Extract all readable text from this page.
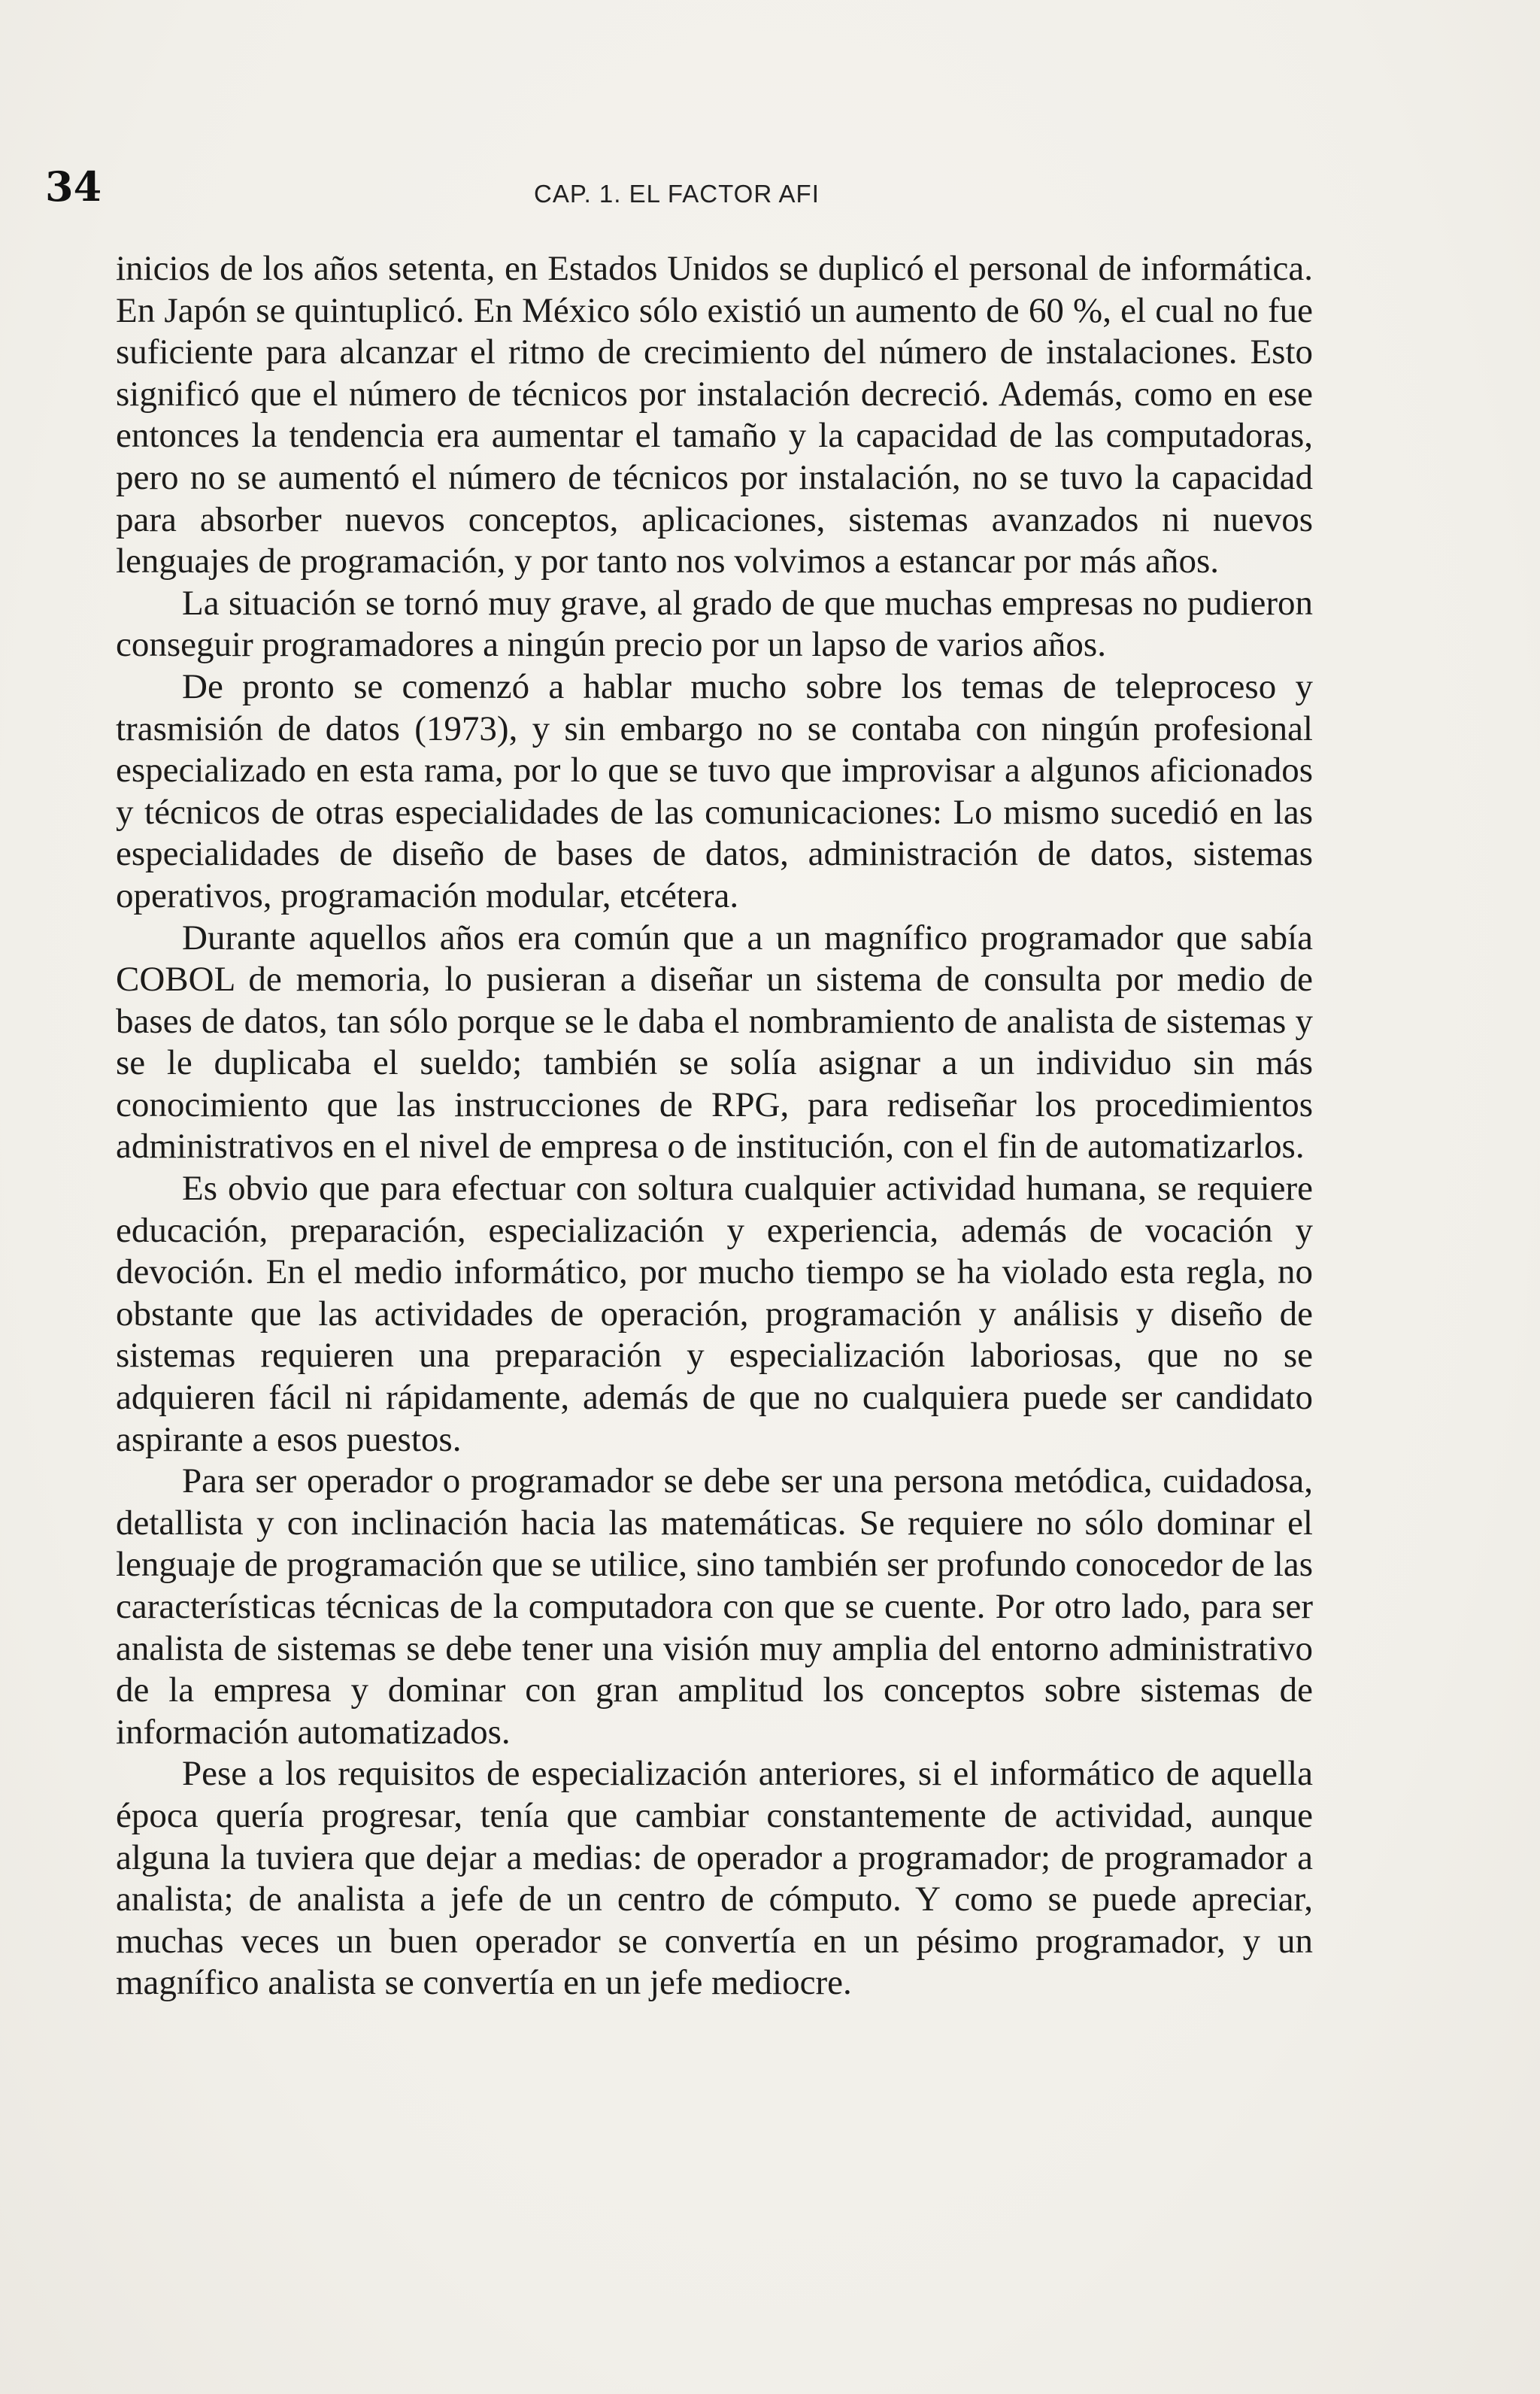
34	CAP. 1. EL FACTOR AFI

inicios de los años setenta, en Estados Unidos se duplicó el personal de informática. En Japón se quintuplicó. En México sólo existió un aumento de 60 %, el cual no fue suficiente para alcanzar el ritmo de crecimiento del número de instalaciones. Esto significó que el número de técnicos por instalación decreció. Además, como en ese entonces la tendencia era aumentar el tamaño y la capacidad de las computadoras, pero no se aumentó el número de técnicos por instalación, no se tuvo la capacidad para absorber nuevos conceptos, aplicaciones, sistemas avanzados ni nuevos lenguajes de programación, y por tanto nos volvimos a estancar por más años.

La situación se tornó muy grave, al grado de que muchas empresas no pudieron conseguir programadores a ningún precio por un lapso de varios años.

De pronto se comenzó a hablar mucho sobre los temas de teleproceso y trasmisión de datos (1973), y sin embargo no se contaba con ningún profesional especializado en esta rama, por lo que se tuvo que improvisar a algunos aficionados y técnicos de otras especialidades de las comunicaciones: Lo mismo sucedió en las especialidades de diseño de bases de datos, administración de datos, sistemas operativos, programación modular, etcétera.

Durante aquellos años era común que a un magnífico programador que sabía COBOL de memoria, lo pusieran a diseñar un sistema de consulta por medio de bases de datos, tan sólo porque se le daba el nombramiento de analista de sistemas y se le duplicaba el sueldo; también se solía asignar a un individuo sin más conocimiento que las instrucciones de RPG, para rediseñar los procedimientos administrativos en el nivel de empresa o de institución, con el fin de automatizarlos.

Es obvio que para efectuar con soltura cualquier actividad humana, se requiere educación, preparación, especialización y experiencia, además de vocación y devoción. En el medio informático, por mucho tiempo se ha violado esta regla, no obstante que las actividades de operación, programación y análisis y diseño de sistemas requieren una preparación y especialización laboriosas, que no se adquieren fácil ni rápidamente, además de que no cualquiera puede ser candidato aspirante a esos puestos.

Para ser operador o programador se debe ser una persona metódica, cuidadosa, detallista y con inclinación hacia las matemáticas. Se requiere no sólo dominar el lenguaje de programación que se utilice, sino también ser profundo conocedor de las características técnicas de la computadora con que se cuente. Por otro lado, para ser analista de sistemas se debe tener una visión muy amplia del entorno administrativo de la empresa y dominar con gran amplitud los conceptos sobre sistemas de información automatizados.

Pese a los requisitos de especialización anteriores, si el informático de aquella época quería progresar, tenía que cambiar constantemente de actividad, aunque alguna la tuviera que dejar a medias: de operador a programador; de programador a analista; de analista a jefe de un centro de cómputo. Y como se puede apreciar, muchas veces un buen operador se convertía en un pésimo programador, y un magnífico analista se convertía en un jefe mediocre.
